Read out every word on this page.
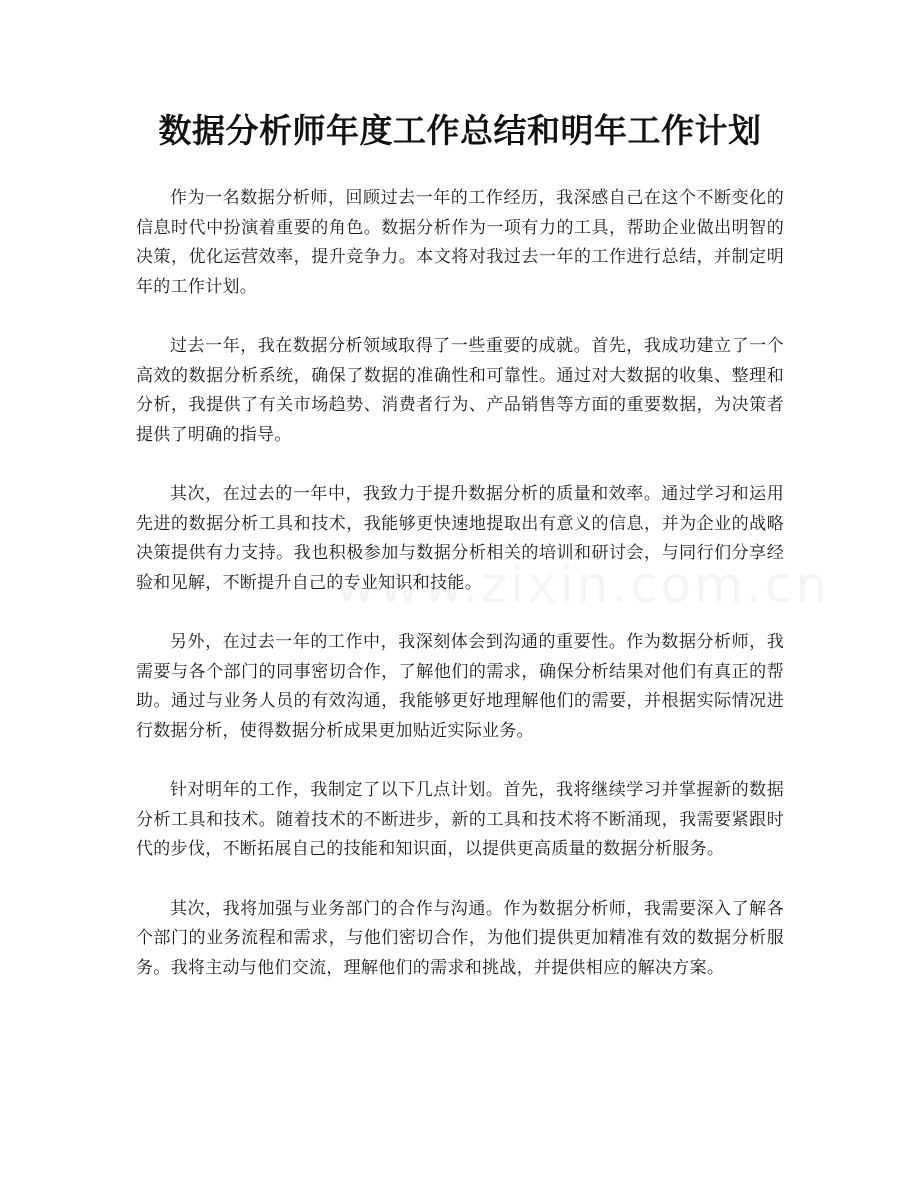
数据分析师年度工作总结和明年工作计划

作为一名数据分析师，回顾过去一年的工作经历，我深感自己在这个不断变化的信息时代中扮演着重要的角色。数据分析作为一项有力的工具，帮助企业做出明智的决策，优化运营效率，提升竞争力。本文将对我过去一年的工作进行总结，并制定明年的工作计划。

过去一年，我在数据分析领域取得了一些重要的成就。首先，我成功建立了一个高效的数据分析系统，确保了数据的准确性和可靠性。通过对大数据的收集、整理和分析，我提供了有关市场趋势、消费者行为、产品销售等方面的重要数据，为决策者提供了明确的指导。

其次，在过去的一年中，我致力于提升数据分析的质量和效率。通过学习和运用先进的数据分析工具和技术，我能够更快速地提取出有意义的信息，并为企业的战略决策提供有力支持。我也积极参加与数据分析相关的培训和研讨会，与同行们分享经验和见解，不断提升自己的专业知识和技能。

另外，在过去一年的工作中，我深刻体会到沟通的重要性。作为数据分析师，我需要与各个部门的同事密切合作，了解他们的需求，确保分析结果对他们有真正的帮助。通过与业务人员的有效沟通，我能够更好地理解他们的需要，并根据实际情况进行数据分析，使得数据分析成果更加贴近实际业务。

针对明年的工作，我制定了以下几点计划。首先，我将继续学习并掌握新的数据分析工具和技术。随着技术的不断进步，新的工具和技术将不断涌现，我需要紧跟时代的步伐，不断拓展自己的技能和知识面，以提供更高质量的数据分析服务。

其次，我将加强与业务部门的合作与沟通。作为数据分析师，我需要深入了解各个部门的业务流程和需求，与他们密切合作，为他们提供更加精准有效的数据分析服务。我将主动与他们交流，理解他们的需求和挑战，并提供相应的解决方案。
